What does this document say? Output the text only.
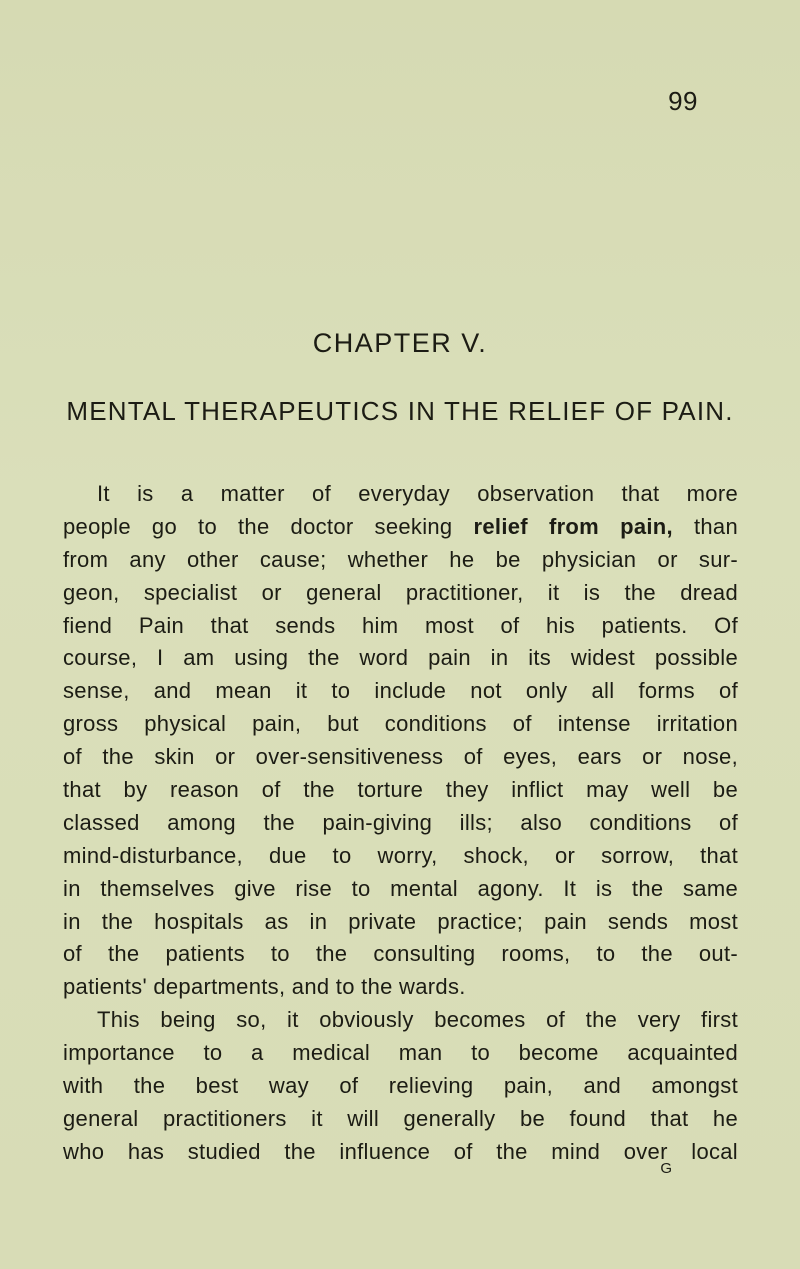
99

CHAPTER V.

MENTAL THERAPEUTICS IN THE RELIEF OF PAIN.
It is a matter of everyday observation that more
people go to the doctor seeking relief from pain, than
from any other cause; whether he be physician or sur-
geon, specialist or general practitioner, it is the dread
fiend Pain that sends him most of his patients. Of
course, I am using the word pain in its widest possible
sense, and mean it to include not only all forms of
gross physical pain, but conditions of intense irritation
of the skin or over-sensitiveness of eyes, ears or nose,
that by reason of the torture they inflict may well be
classed among the pain-giving ills; also conditions of
mind-disturbance, due to worry, shock, or sorrow, that
in themselves give rise to mental agony. It is the same
in the hospitals as in private practice; pain sends most
of the patients to the consulting rooms, to the out-
patients' departments, and to the wards.
This being so, it obviously becomes of the very first
importance to a medical man to become acquainted
with the best way of relieving pain, and amongst
general practitioners it will generally be found that he
who has studied the influence of the mind over local

G
